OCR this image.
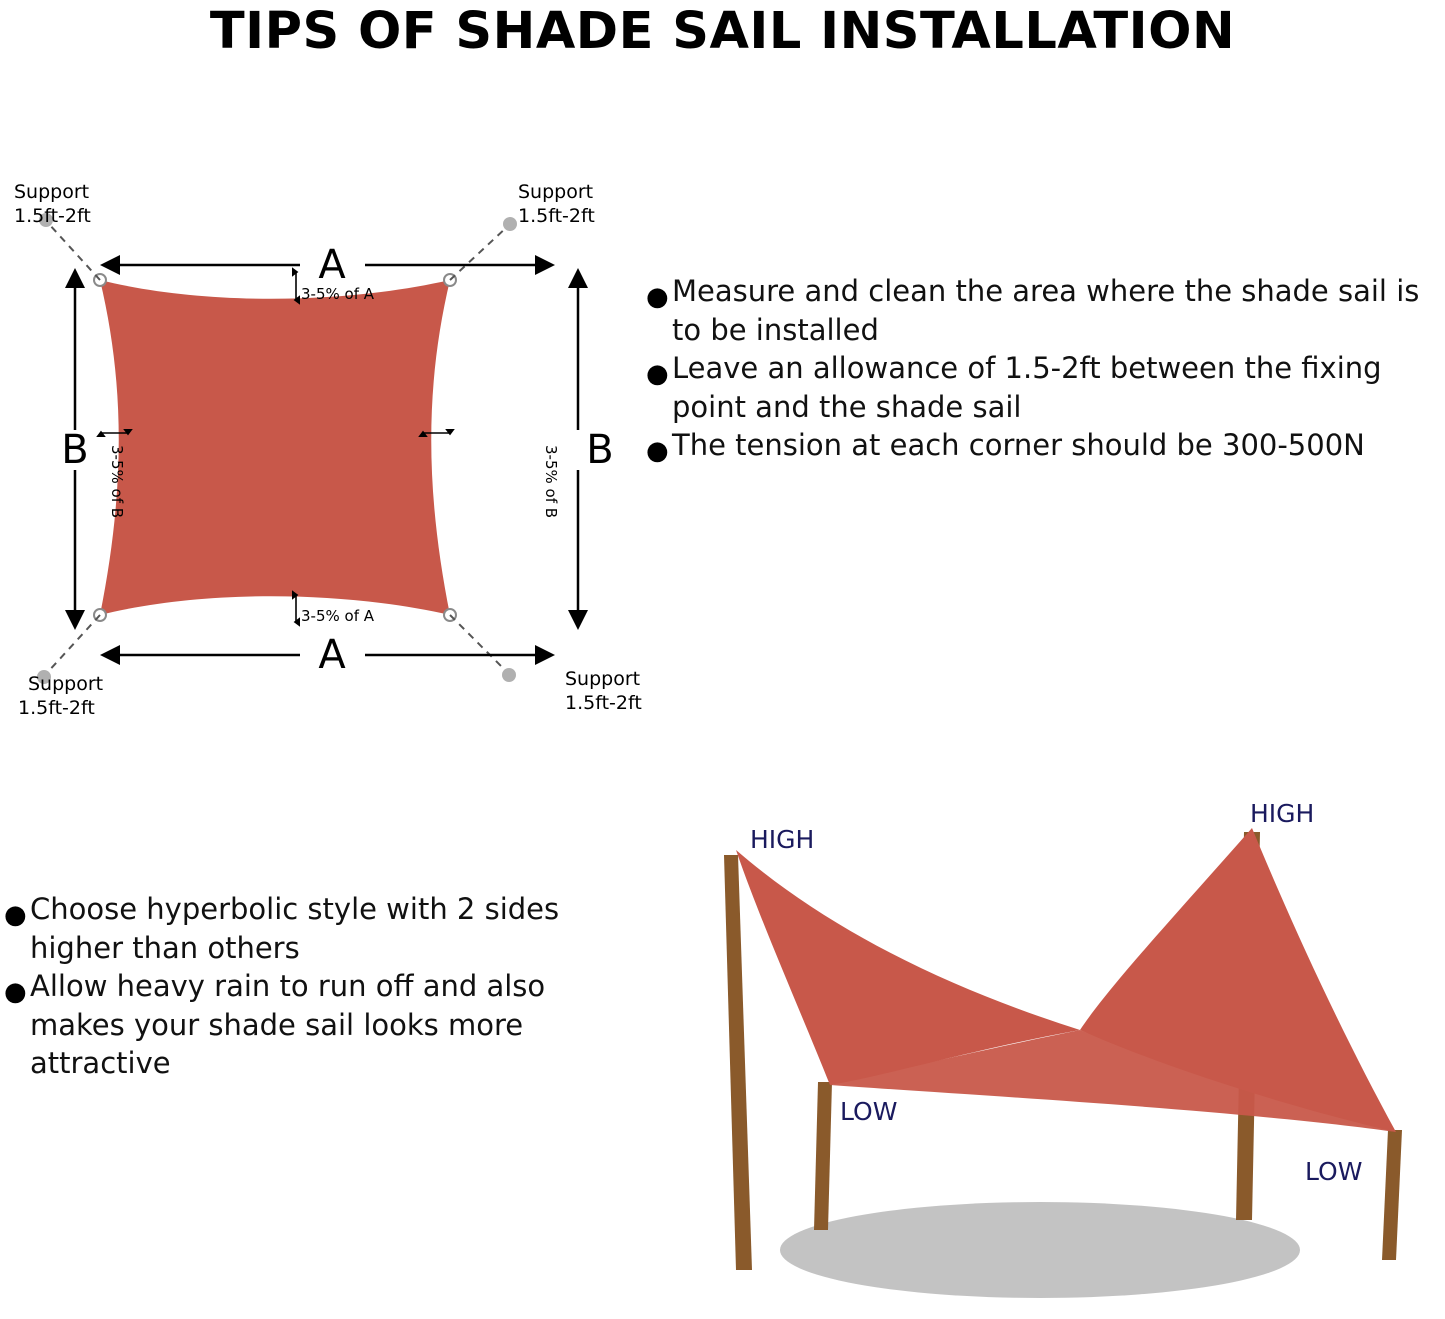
TIPS OF SHADE SAIL INSTALLATION
A
A
B	B
3-5% of A
3-5% of A
3-5% of B	3-5% of B
Support
1.5ft-2ft
Support
1.5ft-2ft
Support
1.5ft-2ft
Support
1.5ft-2ft
● Measure and clean the area where the shade sail is to be installed
● Leave an allowance of 1.5-2ft between the fixing point and the shade sail
● The tension at each corner should be 300-500N
● Choose hyperbolic style with 2 sides higher than others
● Allow heavy rain to run off and also makes your shade sail looks more attractive
HIGH
HIGH
LOW
LOW
